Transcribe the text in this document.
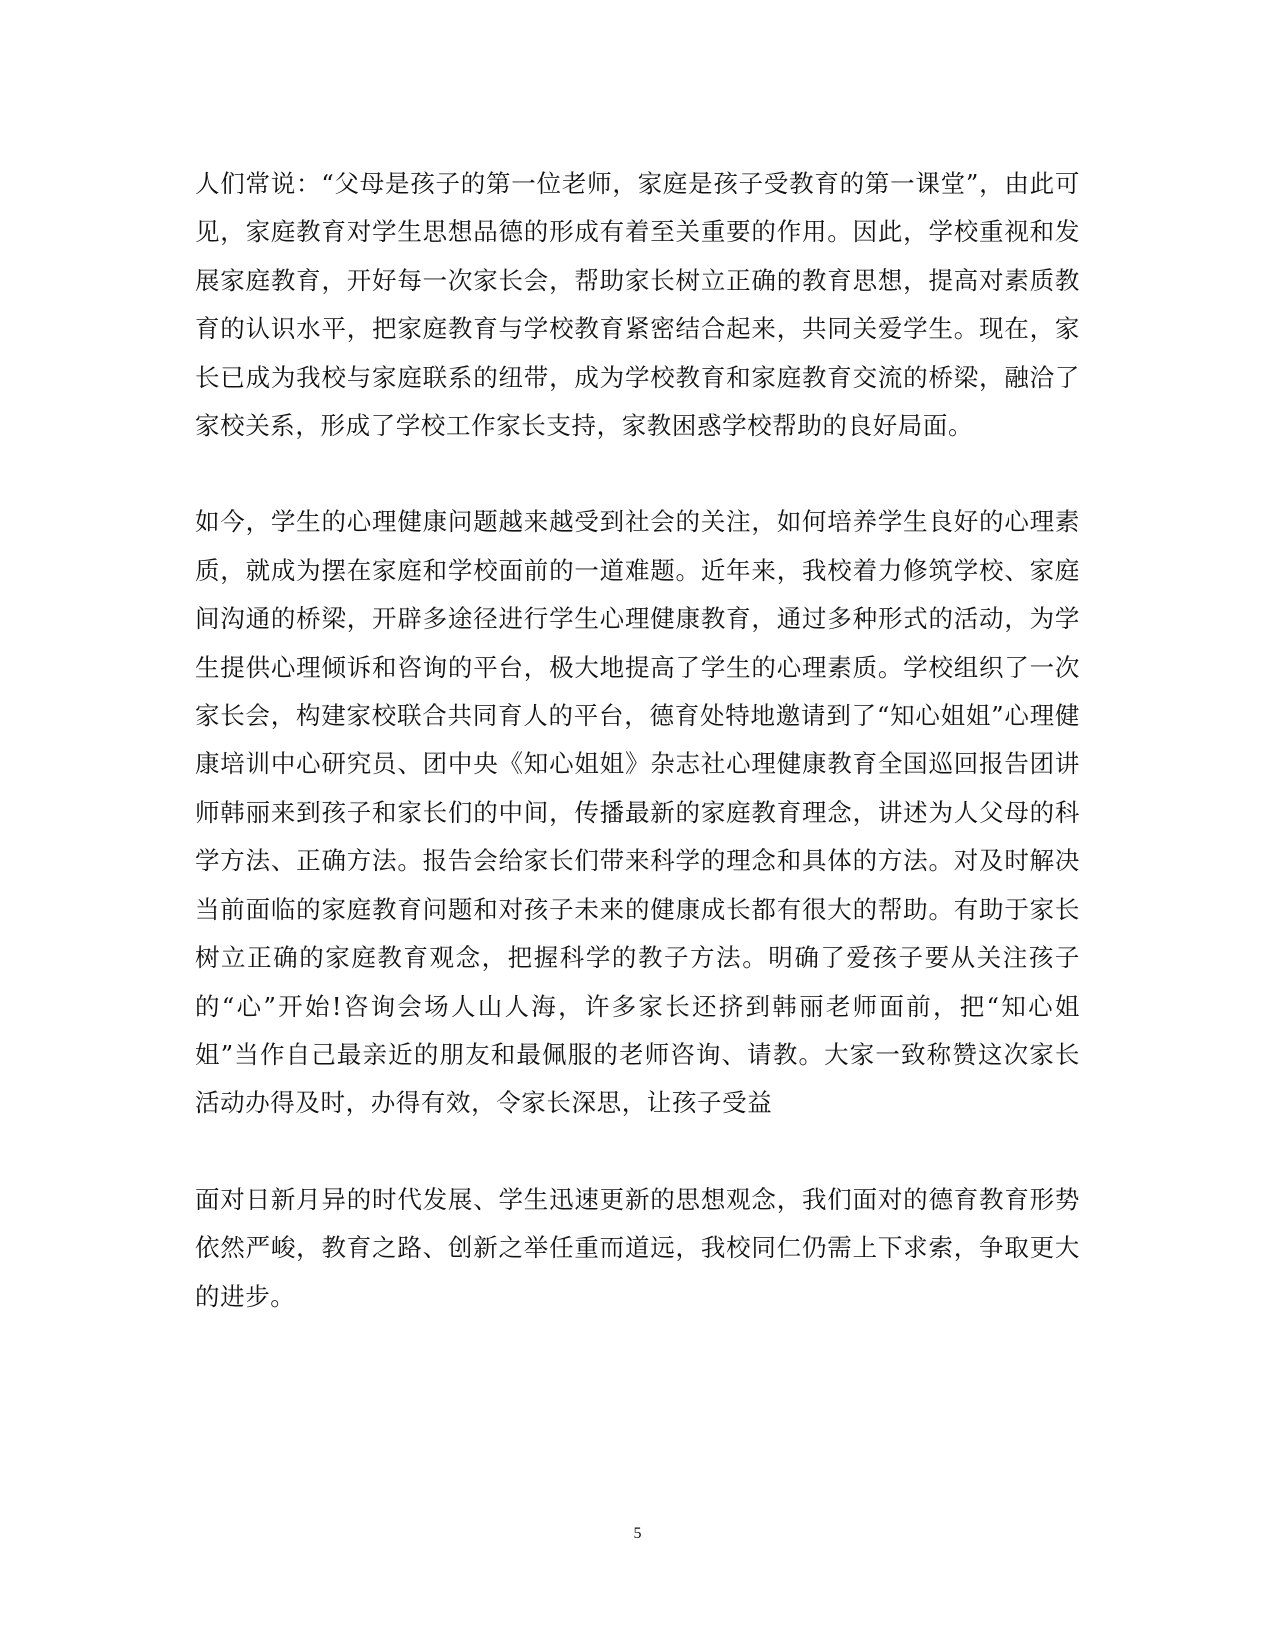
人们常说：“父母是孩子的第一位老师，家庭是孩子受教育的第一课堂”，由此可见，家庭教育对学生思想品德的形成有着至关重要的作用。因此，学校重视和发展家庭教育，开好每一次家长会，帮助家长树立正确的教育思想，提高对素质教育的认识水平，把家庭教育与学校教育紧密结合起来，共同关爱学生。现在，家长已成为我校与家庭联系的纽带，成为学校教育和家庭教育交流的桥梁，融洽了家校关系，形成了学校工作家长支持，家教困惑学校帮助的良好局面。

如今，学生的心理健康问题越来越受到社会的关注，如何培养学生良好的心理素质，就成为摆在家庭和学校面前的一道难题。近年来，我校着力修筑学校、家庭间沟通的桥梁，开辟多途径进行学生心理健康教育，通过多种形式的活动，为学生提供心理倾诉和咨询的平台，极大地提高了学生的心理素质。学校组织了一次家长会，构建家校联合共同育人的平台，德育处特地邀请到了“知心姐姐”心理健康培训中心研究员、团中央《知心姐姐》杂志社心理健康教育全国巡回报告团讲师韩丽来到孩子和家长们的中间，传播最新的家庭教育理念，讲述为人父母的科学方法、正确方法。报告会给家长们带来科学的理念和具体的方法。对及时解决当前面临的家庭教育问题和对孩子未来的健康成长都有很大的帮助。有助于家长树立正确的家庭教育观念，把握科学的教子方法。明确了爱孩子要从关注孩子的“心”开始!咨询会场人山人海，许多家长还挤到韩丽老师面前，把“知心姐姐”当作自己最亲近的朋友和最佩服的老师咨询、请教。大家一致称赞这次家长活动办得及时，办得有效，令家长深思，让孩子受益

面对日新月异的时代发展、学生迅速更新的思想观念，我们面对的德育教育形势依然严峻，教育之路、创新之举任重而道远，我校同仁仍需上下求索，争取更大的进步。

5
